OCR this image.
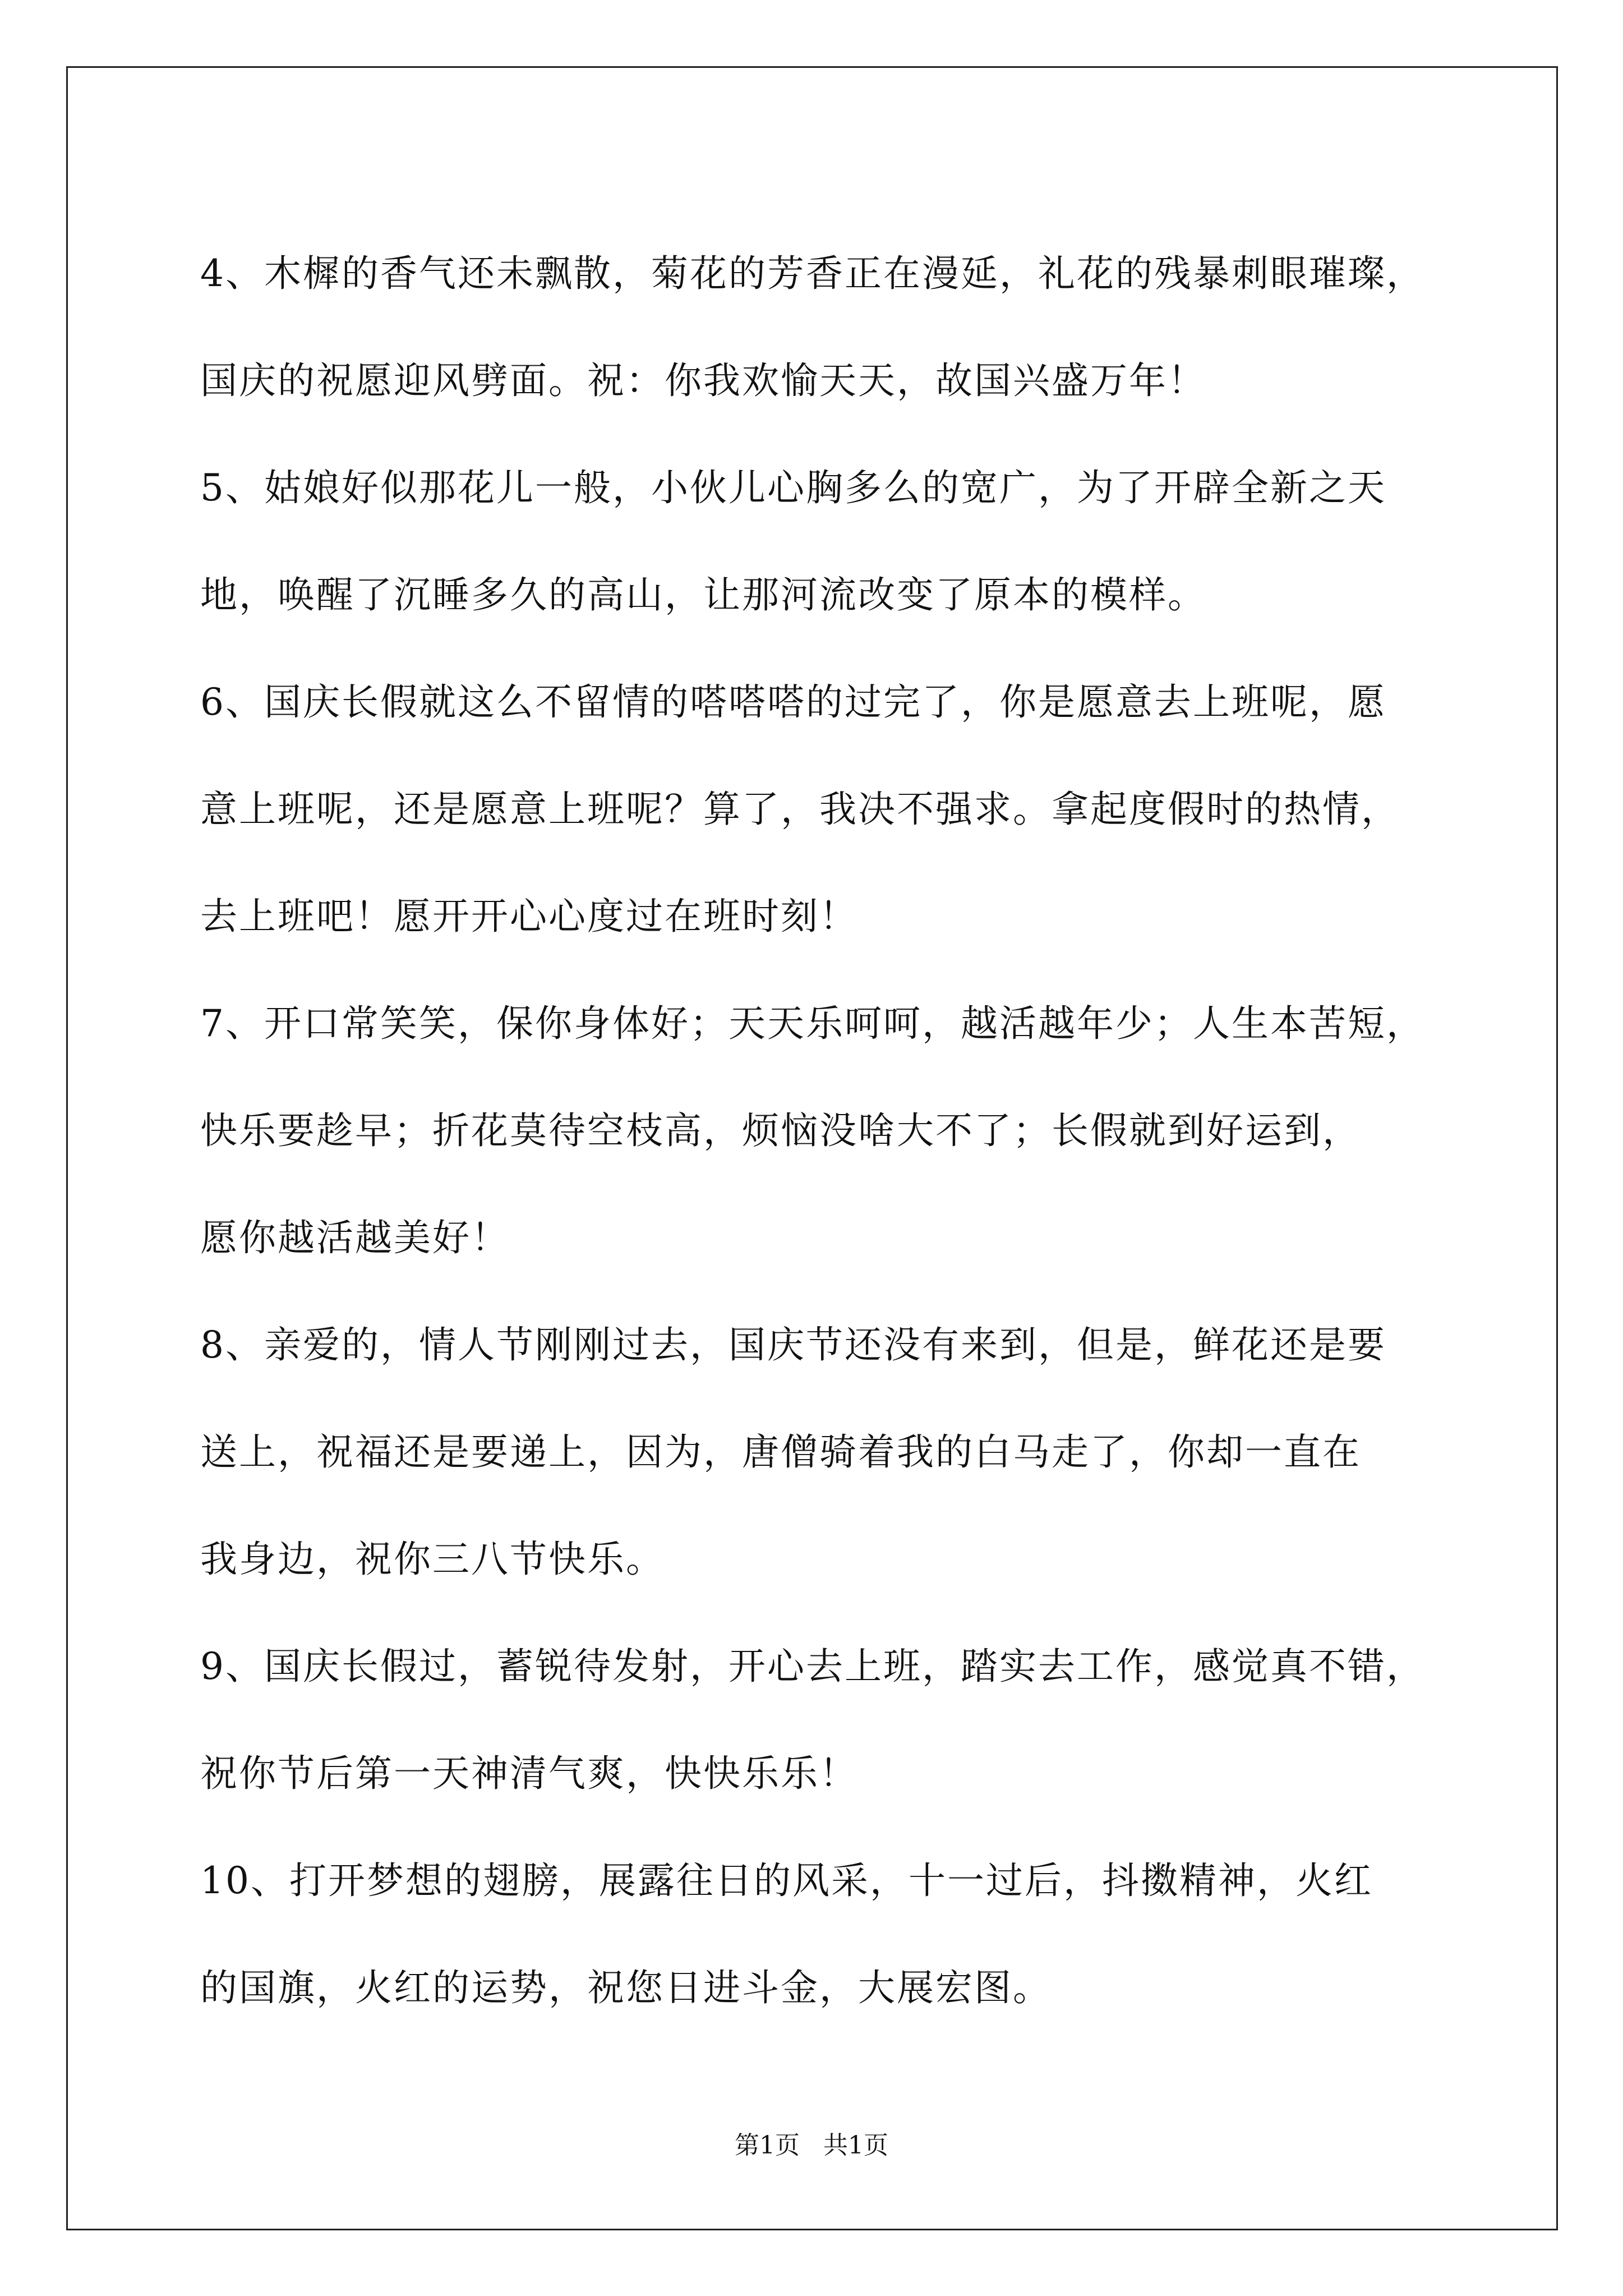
4、木樨的香气还未飘散，菊花的芳香正在漫延，礼花的残暴刺眼璀璨，
国庆的祝愿迎风劈面。祝：你我欢愉天天，故国兴盛万年！
5、姑娘好似那花儿一般，小伙儿心胸多么的宽广，为了开辟全新之天
地，唤醒了沉睡多久的高山，让那河流改变了原本的模样。
6、国庆长假就这么不留情的嗒嗒嗒的过完了，你是愿意去上班呢，愿
意上班呢，还是愿意上班呢？算了，我决不强求。拿起度假时的热情，
去上班吧！愿开开心心度过在班时刻！
7、开口常笑笑，保你身体好；天天乐呵呵，越活越年少；人生本苦短，
快乐要趁早；折花莫待空枝高，烦恼没啥大不了；长假就到好运到，
愿你越活越美好！
8、亲爱的，情人节刚刚过去，国庆节还没有来到，但是，鲜花还是要
送上，祝福还是要递上，因为，唐僧骑着我的白马走了，你却一直在
我身边，祝你三八节快乐。
9、国庆长假过，蓄锐待发射，开心去上班，踏实去工作，感觉真不错，
祝你节后第一天神清气爽，快快乐乐！
10、打开梦想的翅膀，展露往日的风采，十一过后，抖擞精神，火红
的国旗，火红的运势，祝您日进斗金，大展宏图。
第1页   共1页
